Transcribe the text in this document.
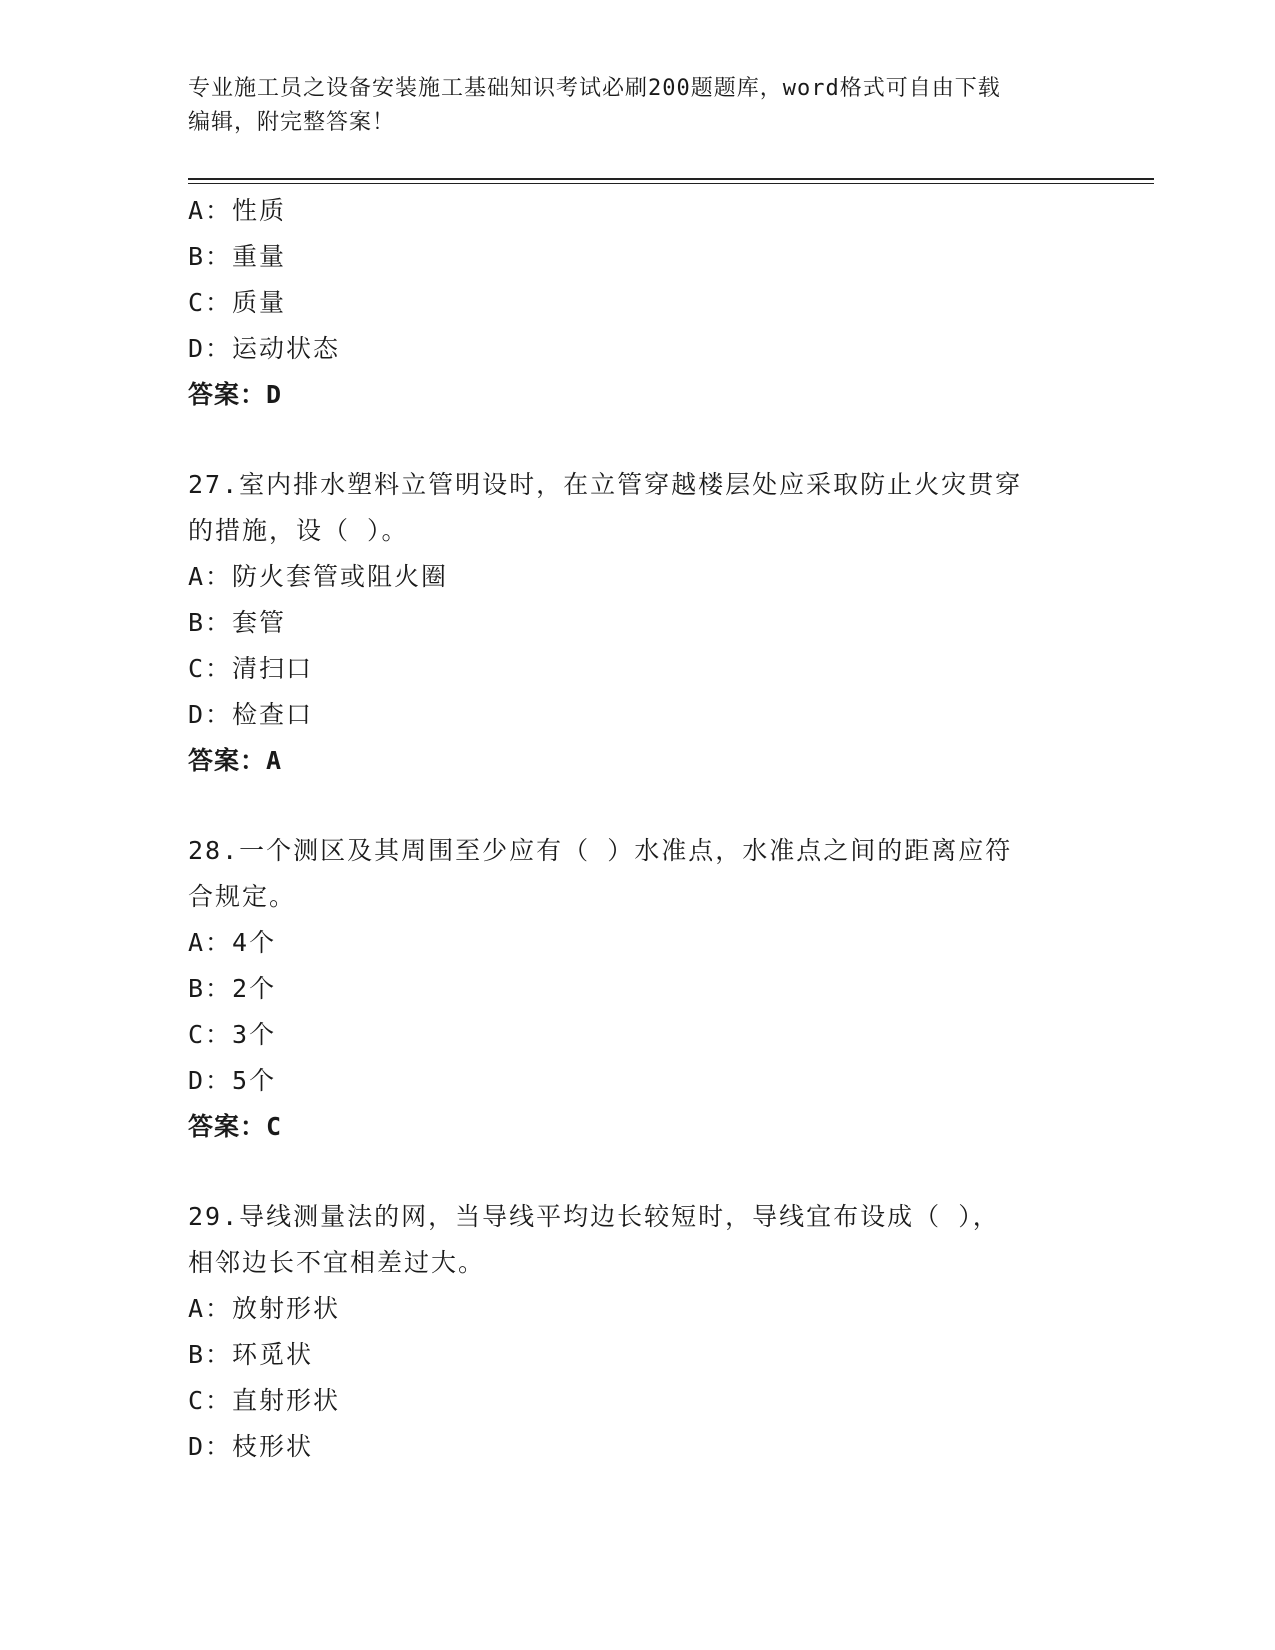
专业施工员之设备安装施工基础知识考试必刷200题题库，word格式可自由下载
编辑，附完整答案！
A：性质
B：重量
C：质量
D：运动状态
答案：D
27.室内排水塑料立管明设时，在立管穿越楼层处应采取防止火灾贯穿
的措施，设（ ）。
A：防火套管或阻火圈
B：套管
C：清扫口
D：检查口
答案：A
28.一个测区及其周围至少应有（ ）水准点，水准点之间的距离应符
合规定。
A：4个
B：2个
C：3个
D：5个
答案：C
29.导线测量法的网，当导线平均边长较短时，导线宜布设成（ ），
相邻边长不宜相差过大。
A：放射形状
B：环觅状
C：直射形状
D：枝形状
